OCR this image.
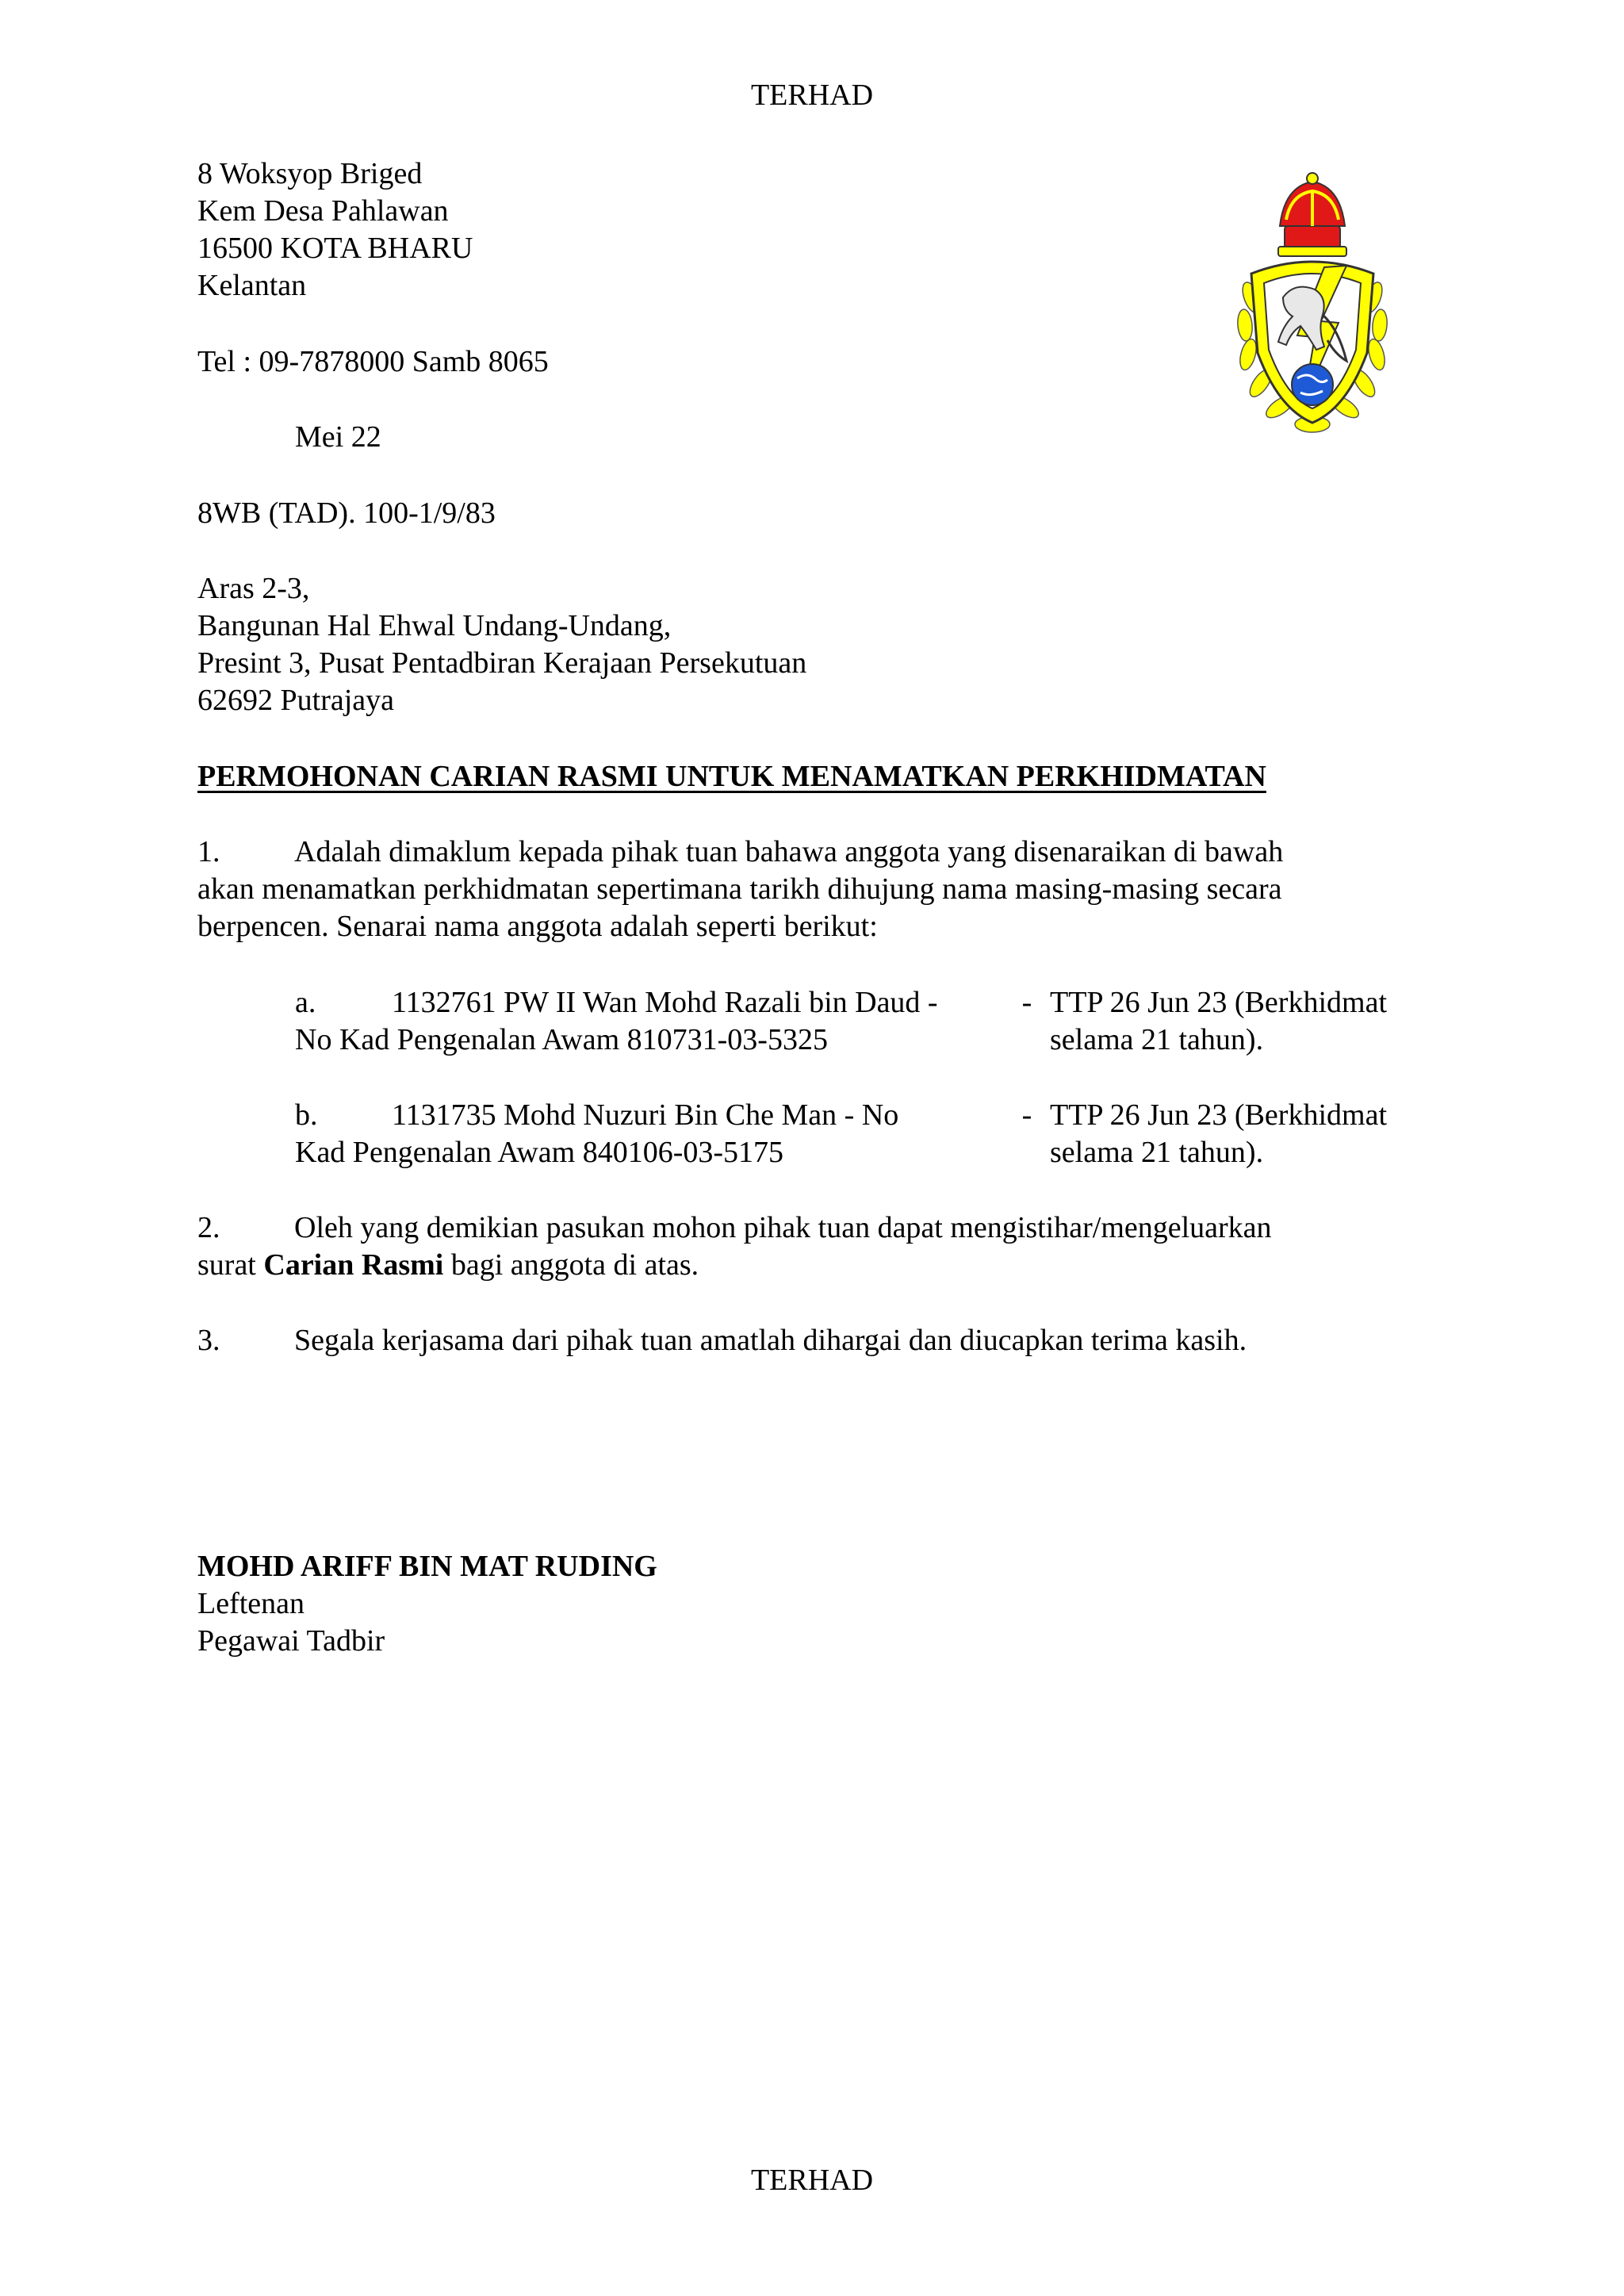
TERHAD
8 Woksyop Briged
Kem Desa Pahlawan
16500 KOTA BHARU
Kelantan
Tel : 09-7878000 Samb 8065
Mei 22
8WB (TAD). 100-1/9/83
Aras 2-3,
Bangunan Hal Ehwal Undang-Undang,
Presint 3, Pusat Pentadbiran Kerajaan Persekutuan
62692 Putrajaya
PERMOHONAN CARIAN RASMI UNTUK MENAMATKAN PERKHIDMATAN
1. Adalah dimaklum kepada pihak tuan bahawa anggota yang disenaraikan di bawah
akan menamatkan perkhidmatan sepertimana tarikh dihujung nama masing-masing secara
berpencen. Senarai nama anggota adalah seperti berikut:
a.	1132761 PW II Wan Mohd Razali bin Daud -
No Kad Pengenalan Awam 810731-03-5325
- TTP 26 Jun 23 (Berkhidmat
selama 21 tahun).
b. 1131735 Mohd Nuzuri Bin Che Man - No
Kad Pengenalan Awam 840106-03-5175
- TTP 26 Jun 23 (Berkhidmat
selama 21 tahun).
2. Oleh yang demikian pasukan mohon pihak tuan dapat mengistihar/mengeluarkan
surat Carian Rasmi bagi anggota di atas.
3. Segala kerjasama dari pihak tuan amatlah dihargai dan diucapkan terima kasih.
MOHD ARIFF BIN MAT RUDING
Leftenan
Pegawai Tadbir
TERHAD
